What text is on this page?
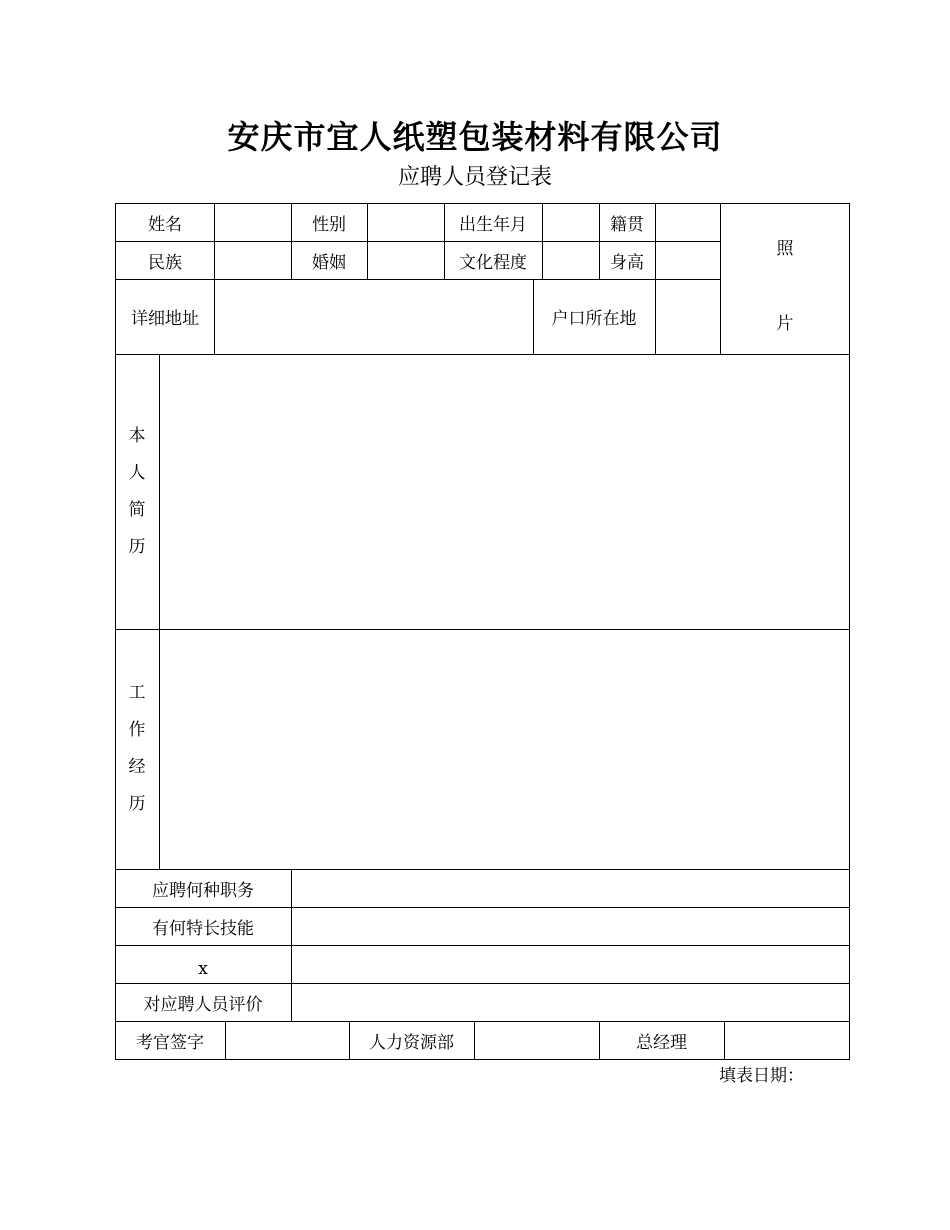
安庆市宜人纸塑包装材料有限公司
应聘人员登记表
姓名	性别	出生年月	籍贯
民族	婚姻	文化程度	身高
详细地址	户口所在地
照
片
本
人
简
历
工
作
经
历
应聘何种职务
有何特长技能
x
对应聘人员评价
考官签字	人力资源部	总经理
填表日期：
